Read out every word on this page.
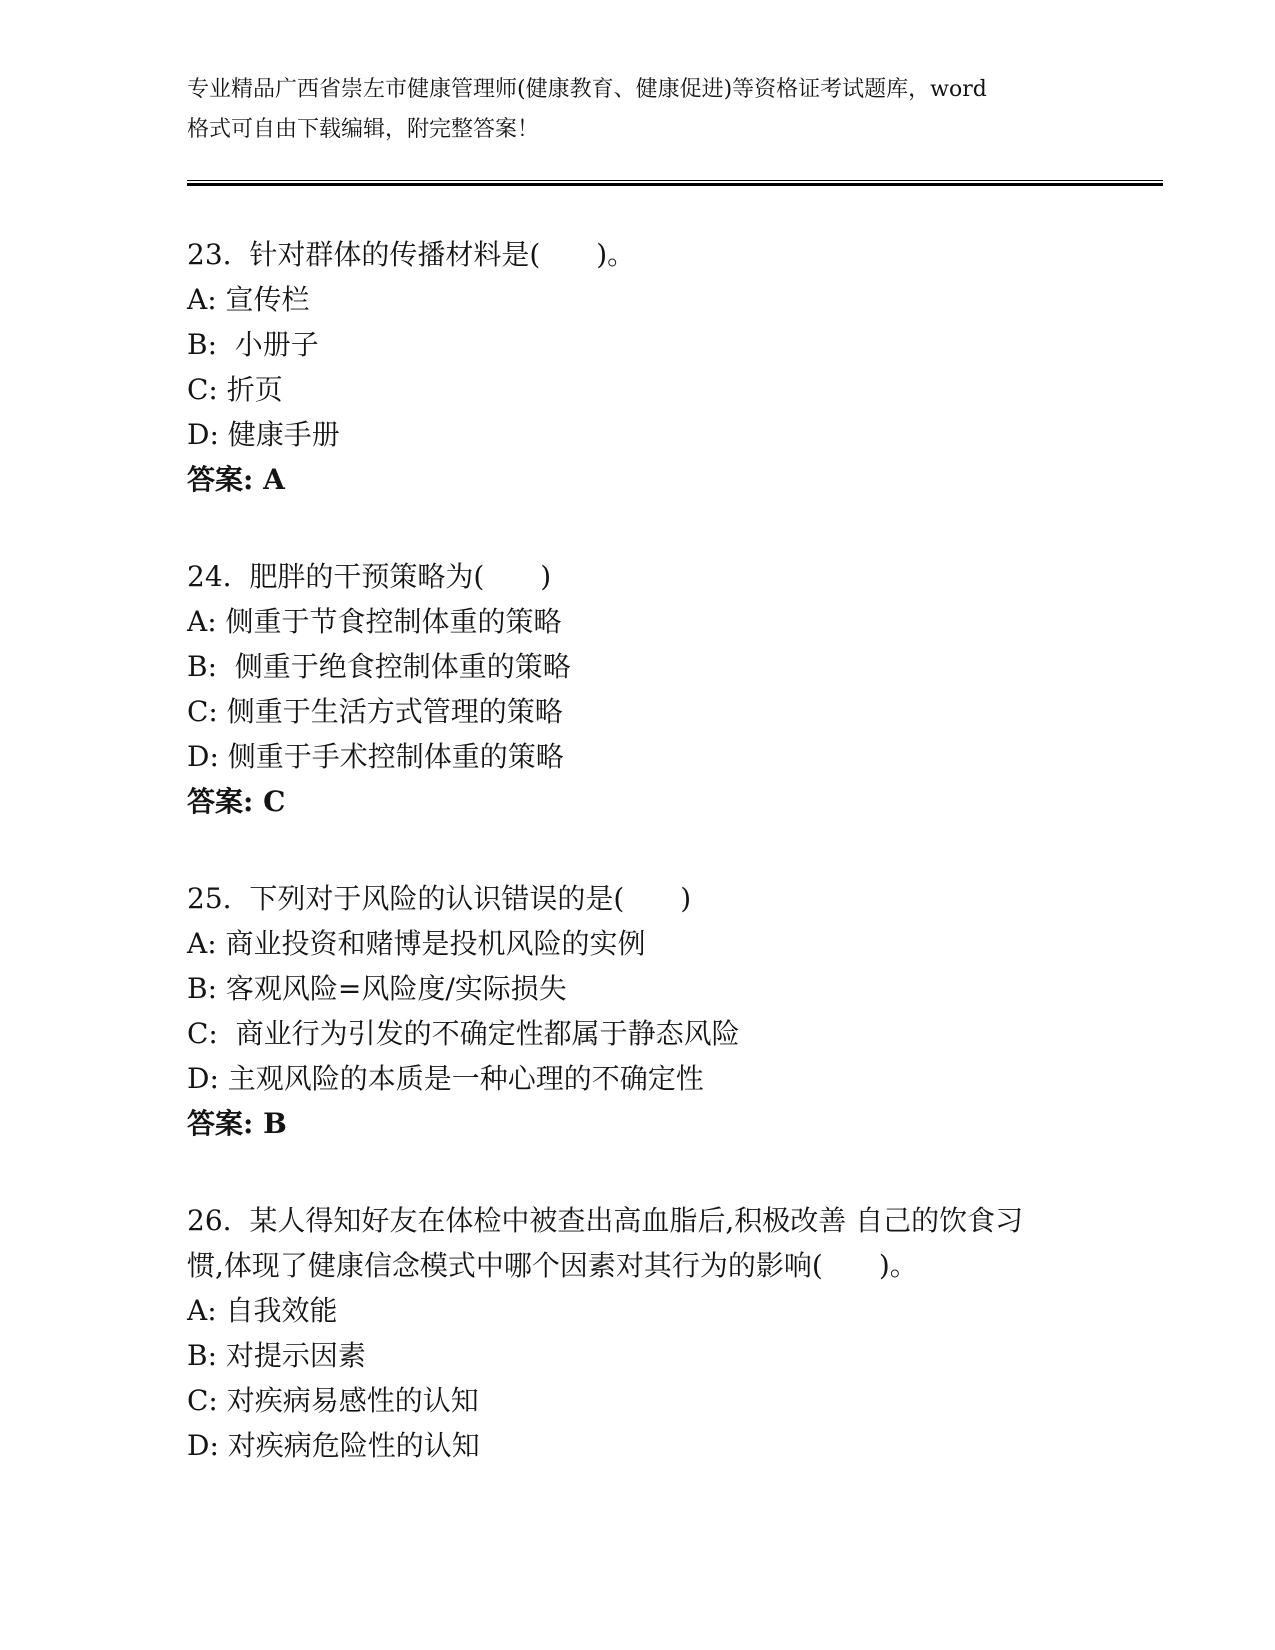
专业精品广西省崇左市健康管理师(健康教育、健康促进)等资格证考试题库，word

格式可自由下载编辑，附完整答案！

23.  针对群体的传播材料是(　　)。

A: 宣传栏

B:  小册子

C: 折页

D: 健康手册

答案: A

24.  肥胖的干预策略为(　　)

A: 侧重于节食控制体重的策略

B:  侧重于绝食控制体重的策略

C: 侧重于生活方式管理的策略

D: 侧重于手术控制体重的策略

答案: C

25.  下列对于风险的认识错误的是(　　)

A: 商业投资和赌博是投机风险的实例

B: 客观风险=风险度/实际损失

C:  商业行为引发的不确定性都属于静态风险

D: 主观风险的本质是一种心理的不确定性

答案: B

26.  某人得知好友在体检中被查出高血脂后,积极改善 自己的饮食习

惯,体现了健康信念模式中哪个因素对其行为的影响(　　)。

A: 自我效能

B: 对提示因素

C: 对疾病易感性的认知

D: 对疾病危险性的认知
